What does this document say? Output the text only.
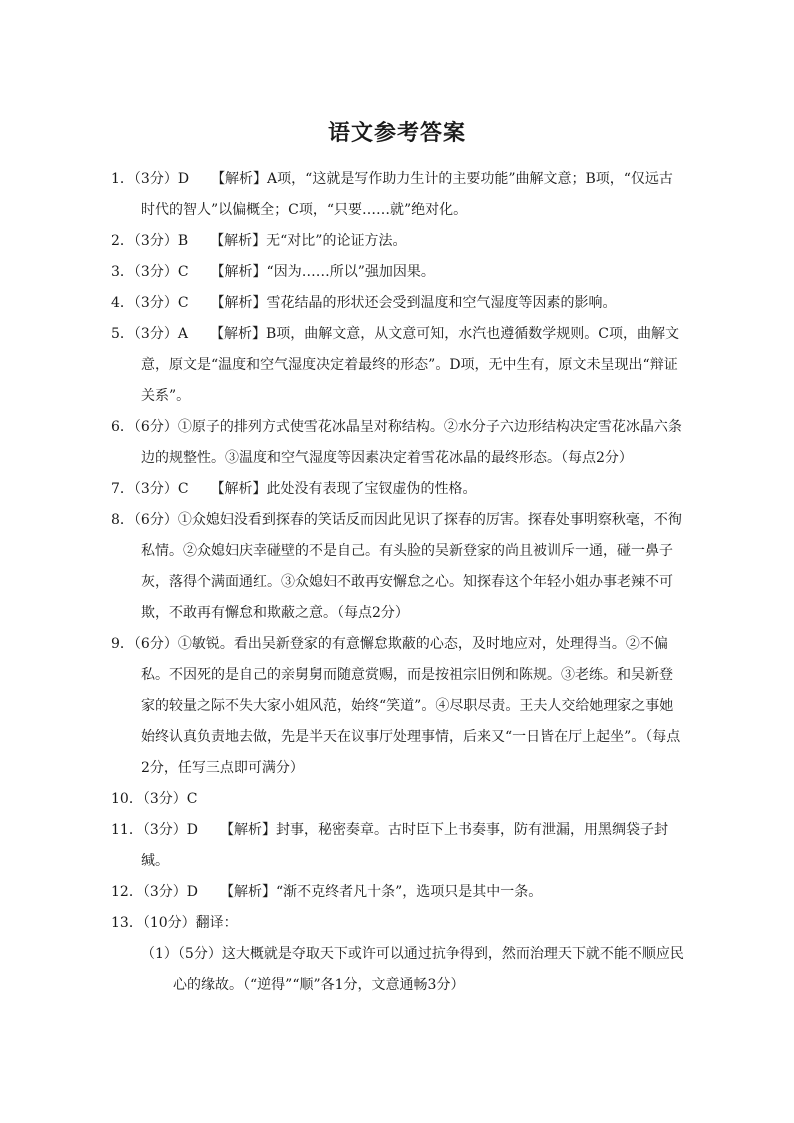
语文参考答案

1．（3分）D 【解析】A项，“这就是写作助力生计的主要功能”曲解文意；B项，“仅远古时代的智人”以偏概全；C项，“只要……就”绝对化。

2．（3分）B 【解析】无“对比”的论证方法。

3．（3分）C 【解析】“因为……所以”强加因果。

4．（3分）C 【解析】雪花结晶的形状还会受到温度和空气湿度等因素的影响。

5．（3分）A 【解析】B项，曲解文意，从文意可知，水汽也遵循数学规则。C项，曲解文意，原文是“温度和空气湿度决定着最终的形态”。D项，无中生有，原文未呈现出“辩证关系”。

6．（6分）①原子的排列方式使雪花冰晶呈对称结构。②水分子六边形结构决定雪花冰晶六条边的规整性。③温度和空气湿度等因素决定着雪花冰晶的最终形态。（每点2分）

7．（3分）C 【解析】此处没有表现了宝钗虚伪的性格。

8．（6分）①众媳妇没看到探春的笑话反而因此见识了探春的厉害。探春处事明察秋毫，不徇私情。②众媳妇庆幸碰壁的不是自己。有头脸的吴新登家的尚且被训斥一通，碰一鼻子灰，落得个满面通红。③众媳妇不敢再安懈怠之心。知探春这个年轻小姐办事老辣不可欺，不敢再有懈怠和欺蔽之意。（每点2分）

9．（6分）①敏锐。看出吴新登家的有意懈怠欺蔽的心态，及时地应对，处理得当。②不偏私。不因死的是自己的亲舅舅而随意赏赐，而是按祖宗旧例和陈规。③老练。和吴新登家的较量之际不失大家小姐风范，始终“笑道”。④尽职尽责。王夫人交给她理家之事她始终认真负责地去做，先是半天在议事厅处理事情，后来又“一日皆在厅上起坐”。（每点2分，任写三点即可满分）

10．（3分）C

11．（3分）D 【解析】封事，秘密奏章。古时臣下上书奏事，防有泄漏，用黑绸袋子封缄。

12．（3分）D 【解析】“渐不克终者凡十条”，选项只是其中一条。

13．（10分）翻译：

（1）（5分）这大概就是夺取天下或许可以通过抗争得到，然而治理天下就不能不顺应民心的缘故。（“逆得”“顺”各1分，文意通畅3分）
